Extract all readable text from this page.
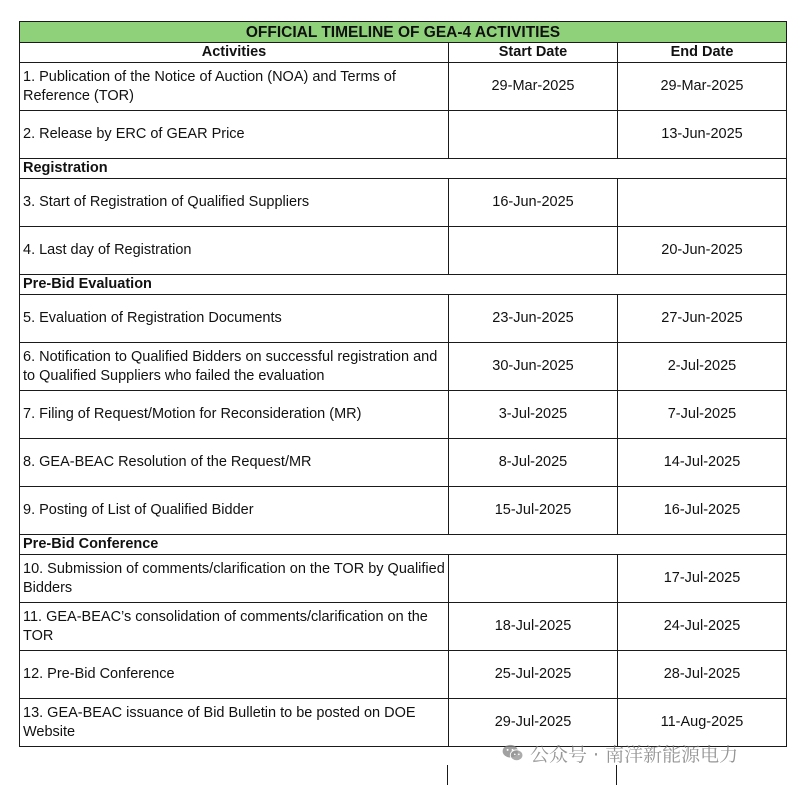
OFFICIAL TIMELINE OF GEA-4 ACTIVITIES		
Activities	Start Date	End Date
1. Publication of the Notice of Auction (NOA) and Terms of Reference (TOR)	29-Mar-2025	29-Mar-2025
2. Release by ERC of GEAR Price		13-Jun-2025
Registration		
3. Start of Registration of Qualified Suppliers	16-Jun-2025	
4. Last day of Registration		20-Jun-2025
Pre-Bid Evaluation		
5. Evaluation of Registration Documents	23-Jun-2025	27-Jun-2025
6. Notification to Qualified Bidders on successful registration and to Qualified Suppliers who failed the evaluation	30-Jun-2025	2-Jul-2025
7. Filing of Request/Motion for Reconsideration (MR)	3-Jul-2025	7-Jul-2025
8. GEA-BEAC Resolution of the Request/MR	8-Jul-2025	14-Jul-2025
9. Posting of List of Qualified Bidder	15-Jul-2025	16-Jul-2025
Pre-Bid Conference		
10. Submission of comments/clarification on the TOR by Qualified Bidders		17-Jul-2025
11. GEA-BEAC’s consolidation of comments/clarification on the TOR	18-Jul-2025	24-Jul-2025
12. Pre-Bid Conference	25-Jul-2025	28-Jul-2025
13. GEA-BEAC issuance of Bid Bulletin to be posted on DOE Website	29-Jul-2025	11-Aug-2025
公众号 · 南洋新能源电力
